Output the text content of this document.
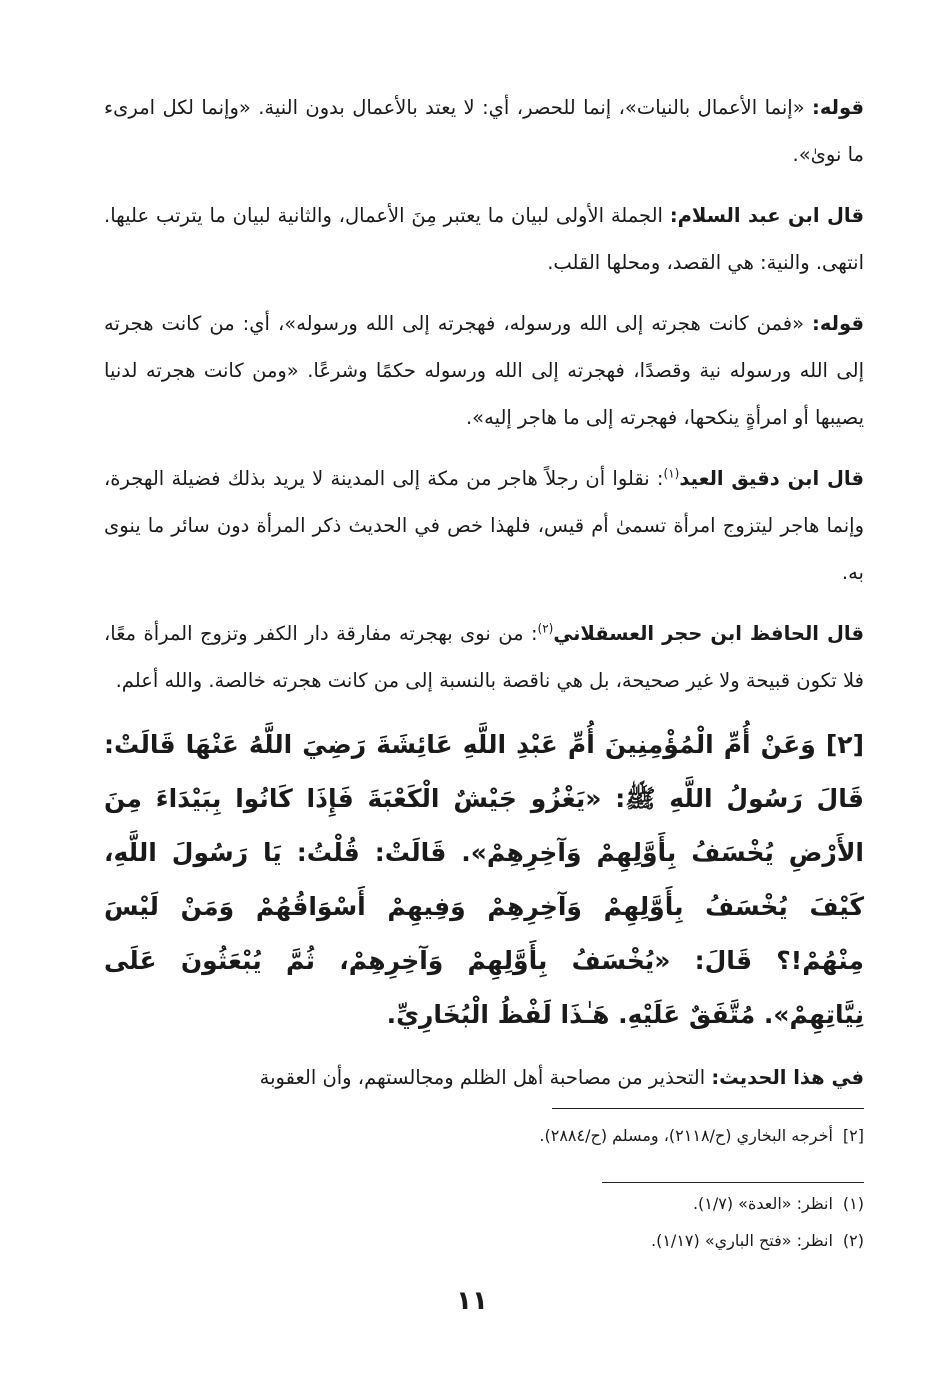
قوله: «إنما الأعمال بالنيات»، إنما للحصر، أي: لا يعتد بالأعمال بدون النية. «وإنما لكل امرىء ما نوىٰ».

قال ابن عبد السلام: الجملة الأولى لبيان ما يعتبر مِنَ الأعمال، والثانية لبيان ما يترتب عليها. انتهى. والنية: هي القصد، ومحلها القلب.

قوله: «فمن كانت هجرته إلى الله ورسوله، فهجرته إلى الله ورسوله»، أي: من كانت هجرته إلى الله ورسوله نية وقصدًا، فهجرته إلى الله ورسوله حكمًا وشرعًا. «ومن كانت هجرته لدنيا يصيبها أو امرأةٍ ينكحها، فهجرته إلى ما هاجر إليه».

قال ابن دقيق العيد$^{(١)}$: نقلوا أن رجلاً هاجر من مكة إلى المدينة لا يريد بذلك فضيلة الهجرة، وإنما هاجر ليتزوج امرأة تسمىٰ أم قيس، فلهذا خص في الحديث ذكر المرأة دون سائر ما ينوى به.

قال الحافظ ابن حجر العسقلاني$^{(٢)}$: من نوى بهجرته مفارقة دار الكفر وتزوج المرأة معًا، فلا تكون قبيحة ولا غير صحيحة، بل هي ناقصة بالنسبة إلى من كانت هجرته خالصة. والله أعلم.

[٢] وَعَنْ أُمِّ الْمُؤْمِنِينَ أُمِّ عَبْدِ اللَّهِ عَائِشَةَ رَضِيَ اللَّهُ عَنْهَا قَالَتْ: قَالَ رَسُولُ اللَّهِ ﷺ: «يَغْزُو جَيْشٌ الْكَعْبَةَ فَإِذَا كَانُوا بِبَيْدَاءَ مِنَ الأَرْضِ يُخْسَفُ بِأَوَّلِهِمْ وَآخِرِهِمْ». قَالَتْ: قُلْتُ: يَا رَسُولَ اللَّهِ، كَيْفَ يُخْسَفُ بِأَوَّلِهِمْ وَآخِرِهِمْ وَفِيهِمْ أَسْوَاقُهُمْ وَمَنْ لَيْسَ مِنْهُمْ!؟ قَالَ: «يُخْسَفُ بِأَوَّلِهِمْ وَآخِرِهِمْ، ثُمَّ يُبْعَثُونَ عَلَى نِيَّاتِهِمْ». مُتَّفَقٌ عَلَيْهِ. هَـٰذَا لَفْظُ الْبُخَارِيِّ.

في هذا الحديث: التحذير من مصاحبة أهل الظلم ومجالستهم، وأن العقوبة

[٢]أخرجه البخاري (ح/٢١١٨)، ومسلم (ح/٢٨٨٤).
(١)انظر: «العدة» (١/٧).
(٢)انظر: «فتح الباري» (١/١٧).
١١
